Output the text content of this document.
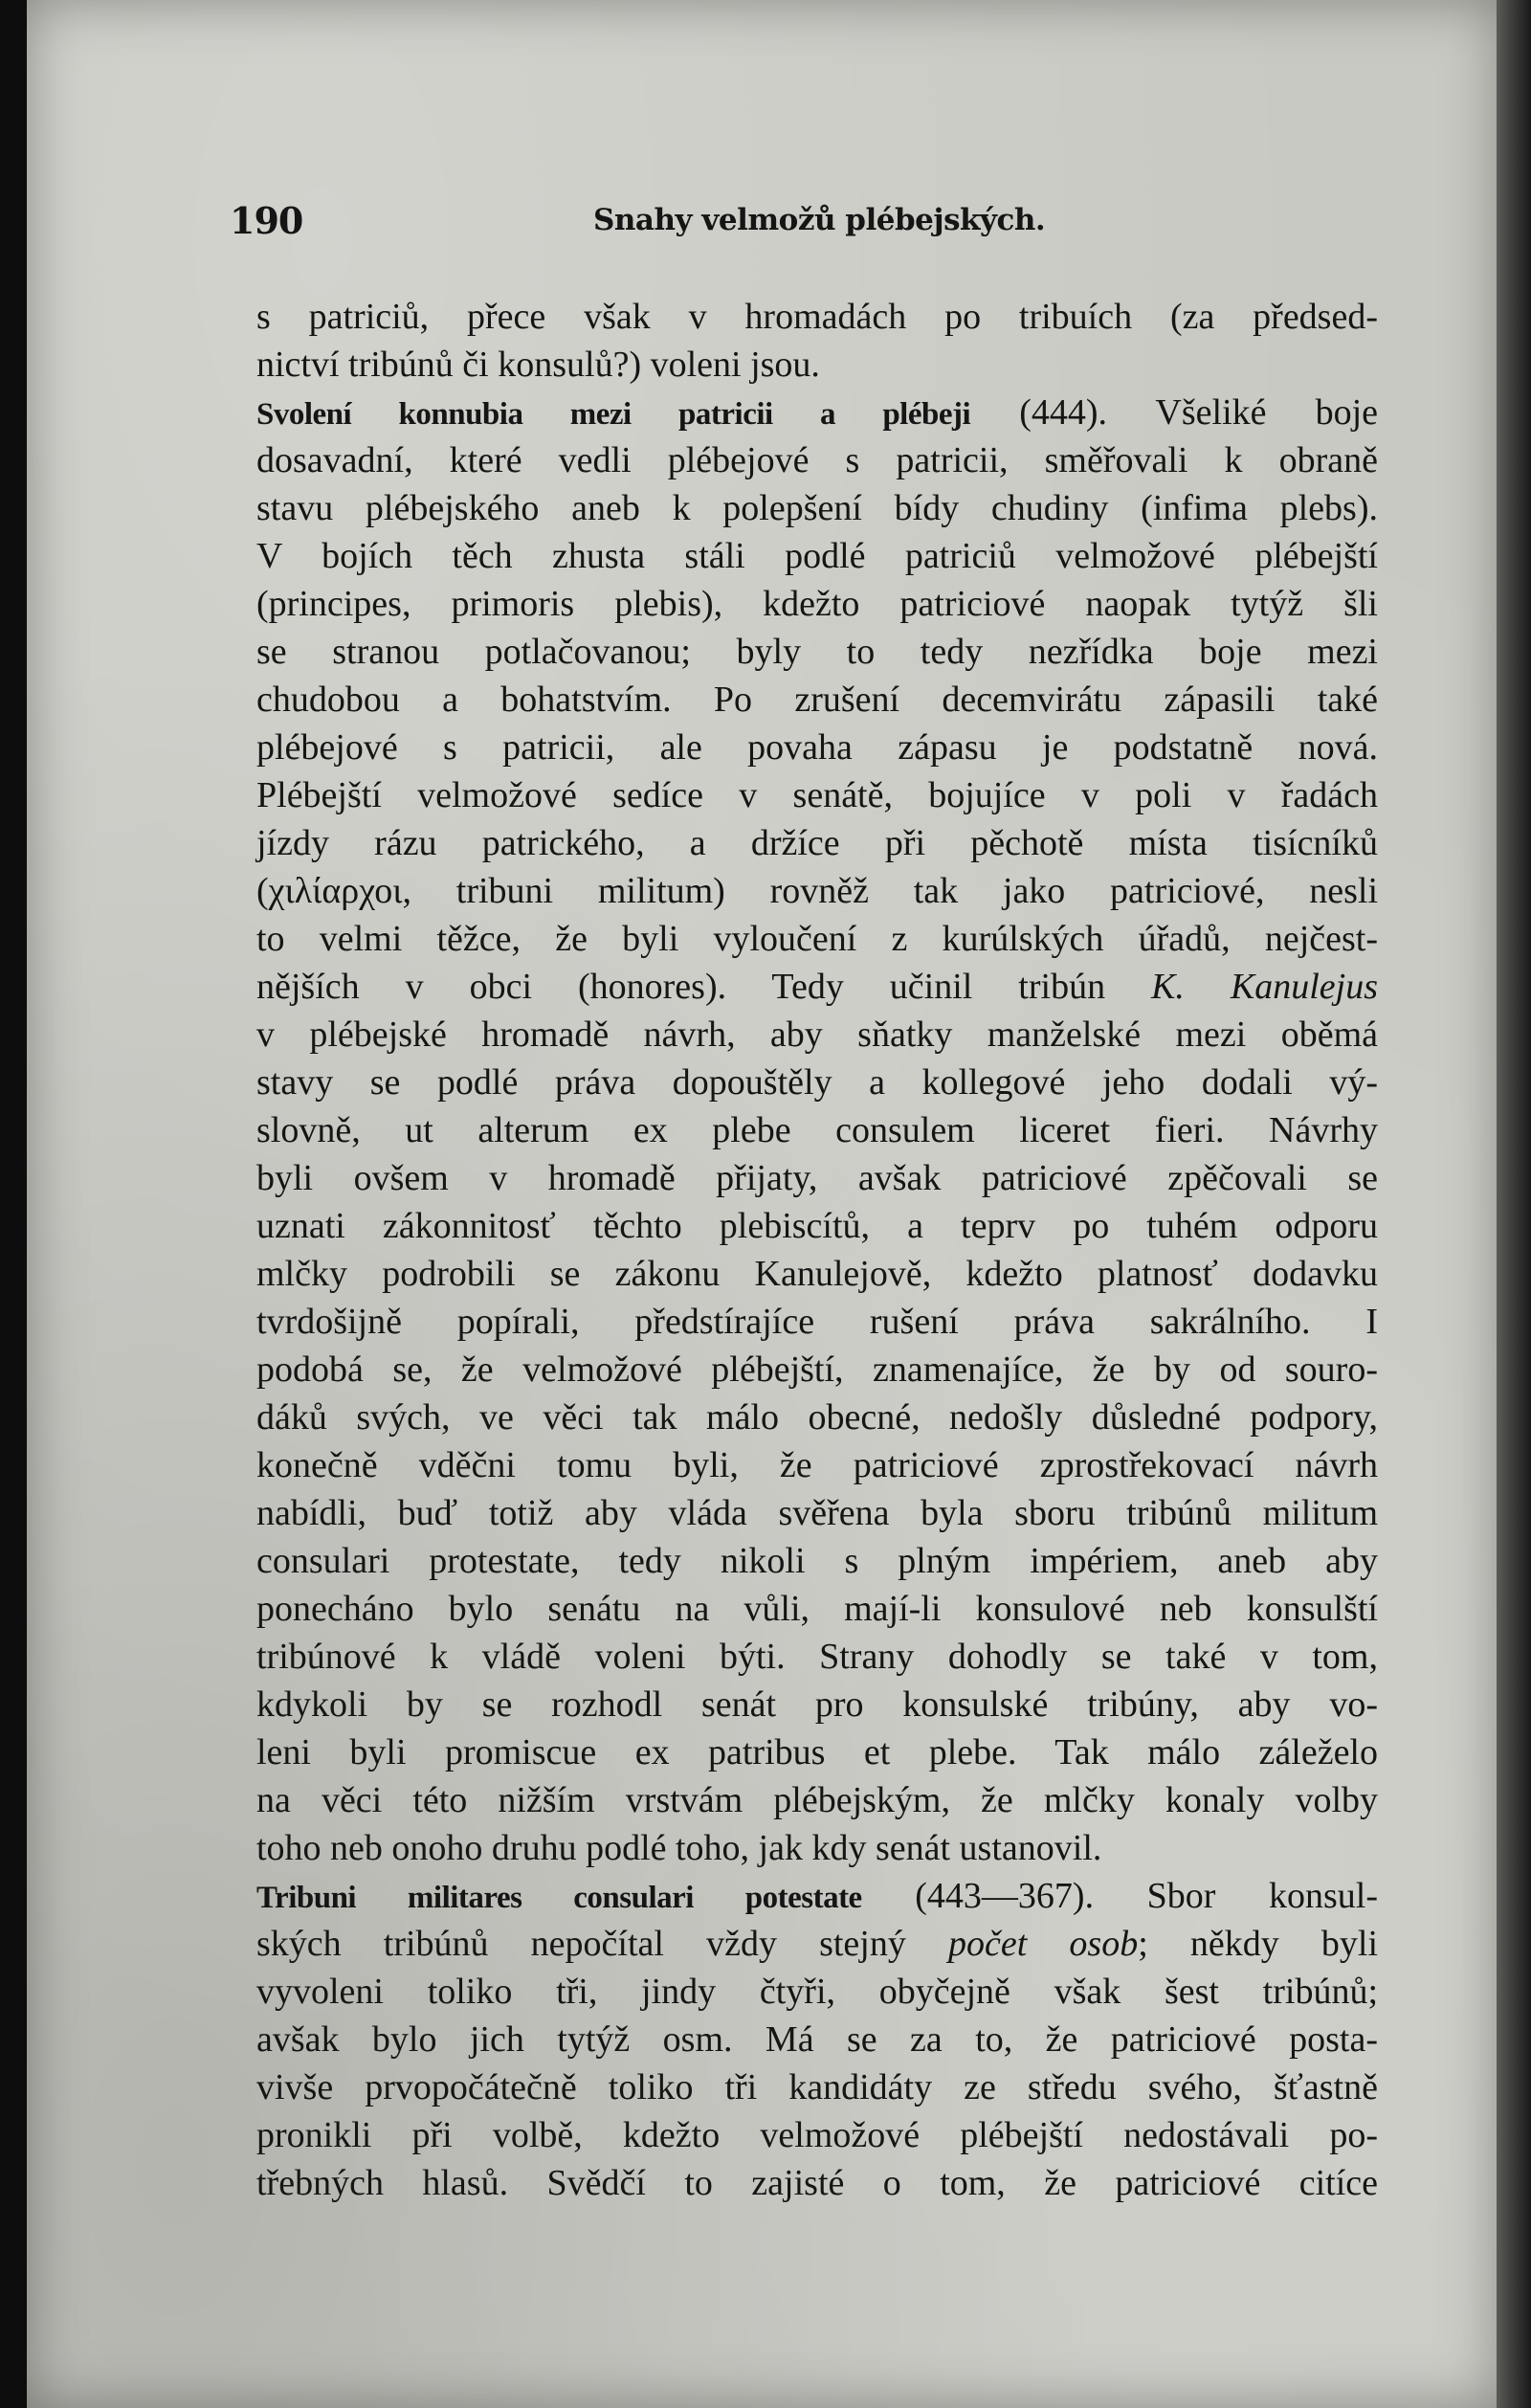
190	Snahy velmožů plébejských.
s patriciů, přece však v hromadách po tribuích (za předsed-
nictví tribúnů či konsulů?) voleni jsou.
Svolení konnubia mezi patricii a plébeji (444). Všeliké boje
dosavadní, které vedli plébejové s patricii, směřovali k obraně
stavu plébejského aneb k polepšení bídy chudiny (infima plebs).
V bojích těch zhusta stáli podlé patriciů velmožové plébejští
(principes, primoris plebis), kdežto patriciové naopak tytýž šli
se stranou potlačovanou; byly to tedy nezřídka boje mezi
chudobou a bohatstvím. Po zrušení decemvirátu zápasili také
plébejové s patricii, ale povaha zápasu je podstatně nová.
Plébejští velmožové sedíce v senátě, bojujíce v poli v řadách
jízdy rázu patrického, a držíce při pěchotě místa tisícníků
(χιλίαρχοι, tribuni militum) rovněž tak jako patriciové, nesli
to velmi těžce, že byli vyloučení z kurúlských úřadů, nejčest-
nějších v obci (honores). Tedy učinil tribún K. Kanulejus
v plébejské hromadě návrh, aby sňatky manželské mezi oběmá
stavy se podlé práva dopouštěly a kollegové jeho dodali vý-
slovně, ut alterum ex plebe consulem liceret fieri. Návrhy
byli ovšem v hromadě přijaty, avšak patriciové zpěčovali se
uznati zákonnitosť těchto plebiscítů, a teprv po tuhém odporu
mlčky podrobili se zákonu Kanulejově, kdežto platnosť dodavku
tvrdošijně popírali, předstírajíce rušení práva sakrálního. I
podobá se, že velmožové plébejští, znamenajíce, že by od souro-
dáků svých, ve věci tak málo obecné, nedošly důsledné podpory,
konečně vděčni tomu byli, že patriciové zprostřekovací návrh
nabídli, buď totiž aby vláda svěřena byla sboru tribúnů militum
consulari protestate, tedy nikoli s plným impériem, aneb aby
ponecháno bylo senátu na vůli, mají-li konsulové neb konsulští
tribúnové k vládě voleni býti. Strany dohodly se také v tom,
kdykoli by se rozhodl senát pro konsulské tribúny, aby vo-
leni byli promiscue ex patribus et plebe. Tak málo záleželo
na věci této nižším vrstvám plébejským, že mlčky konaly volby
toho neb onoho druhu podlé toho, jak kdy senát ustanovil.
Tribuni militares consulari potestate (443—367). Sbor konsul-
ských tribúnů nepočítal vždy stejný počet osob; někdy byli
vyvoleni toliko tři, jindy čtyři, obyčejně však šest tribúnů;
avšak bylo jich tytýž osm. Má se za to, že patriciové posta-
vivše prvopočátečně toliko tři kandidáty ze středu svého, šťastně
pronikli při volbě, kdežto velmožové plébejští nedostávali po-
třebných hlasů. Svědčí to zajisté o tom, že patriciové citíce
